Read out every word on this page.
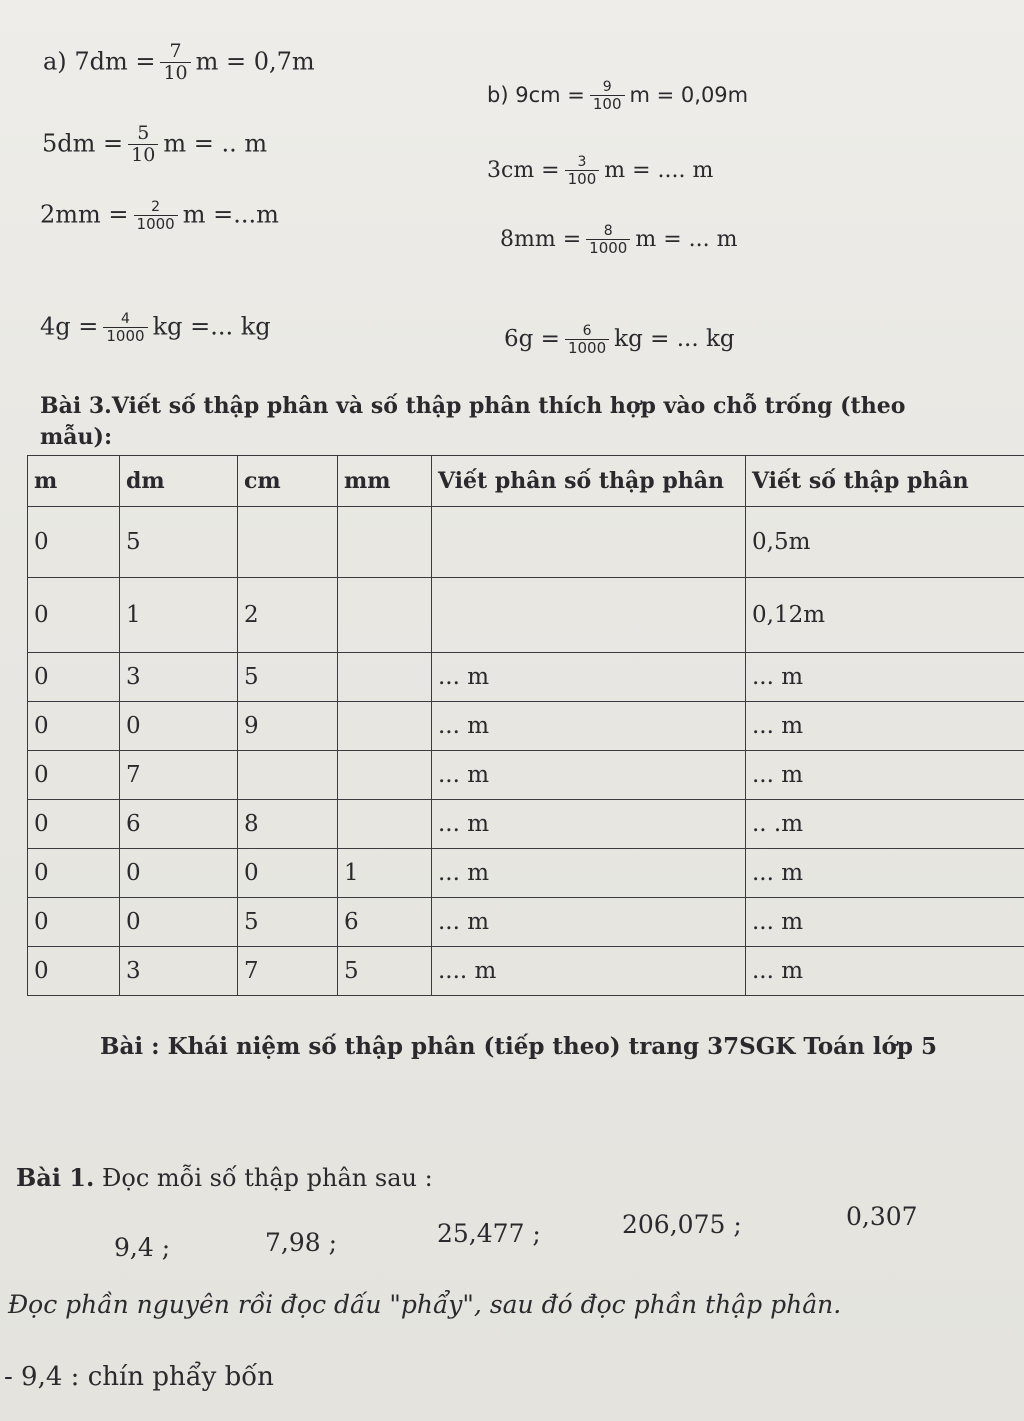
a) $7dm = \frac{7}{10}$ m = 0,7m
$5dm = \frac{5}{10}$ m = .. m
$2mm = \frac{2}{1000}$ m =...m
$4g = \frac{4}{1000}$ kg =... kg
b) $9cm = \frac{9}{100}$ m = 0,09m
$3cm = \frac{3}{100}$ m = .... m
$8mm = \frac{8}{1000}$ m = ... m
$6g = \frac{6}{1000}$ kg = ... kg
Bài 3.Viết số thập phân và số thập phân thích hợp vào chỗ trống (theo
mẫu):
m	dm	cm	mm	Viết phân số thập phân	Viết số thập phân
0	5				0,5m
0	1	2			0,12m
0	3	5		... m	... m
0	0	9		... m	... m
0	7			... m	... m
0	6	8		... m	.. .m
0	0	0	1	... m	... m
0	0	5	6	... m	... m
0	3	7	5	.... m	... m
Bài : Khái niệm số thập phân (tiếp theo) trang 37SGK Toán lớp 5
Bài 1. Đọc mỗi số thập phân sau :
9,4 ;	7,98 ;	25,477 ;	206,075 ;	0,307
Đọc phần nguyên rồi đọc dấu "phẩy", sau đó đọc phần thập phân.
- 9,4 : chín phẩy bốn
